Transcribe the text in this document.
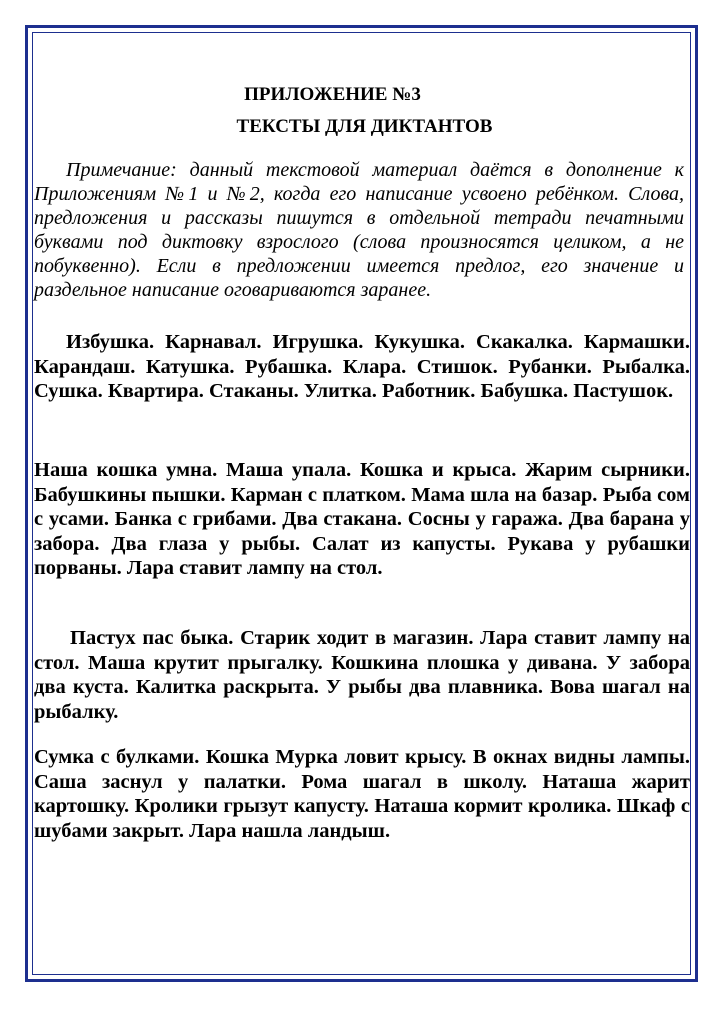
ПРИЛОЖЕНИЕ №3
ТЕКСТЫ ДЛЯ ДИКТАНТОВ

Примечание: данный текстовой материал даётся в дополнение к Приложениям №1 и №2, когда его написание усвоено ребёнком. Слова, предложения и рассказы пишутся в отдельной тетради печатными буквами под диктовку взрослого (слова произносятся целиком, а не побуквенно). Если в предложении имеется предлог, его значение и раздельное написание оговариваются заранее.

Избушка. Карнавал. Игрушка. Кукушка. Скакалка. Кармашки. Карандаш. Катушка. Рубашка. Клара. Стишок. Рубанки. Рыбалка. Сушка. Квартира. Стаканы. Улитка. Работник. Бабушка. Пастушок.

Наша кошка умна. Маша упала. Кошка и крыса. Жарим сырники. Бабушкины пышки. Карман с платком. Мама шла на базар. Рыба сом с усами. Банка с грибами. Два стакана. Сосны у гаража. Два барана у забора. Два глаза у рыбы. Салат из капусты. Рукава у рубашки порваны. Лара ставит лампу на стол.

Пастух пас быка. Старик ходит в магазин. Лара ставит лампу на стол. Маша крутит прыгалку. Кошкина плошка у дивана. У забора два куста. Калитка раскрыта. У рыбы два плавника. Вова шагал на рыбалку.

Сумка с булками. Кошка Мурка ловит крысу. В окнах видны лампы. Саша заснул у палатки. Рома шагал в школу. Наташа жарит картошку. Кролики грызут капусту. Наташа кормит кролика. Шкаф с шубами закрыт. Лара нашла ландыш.
